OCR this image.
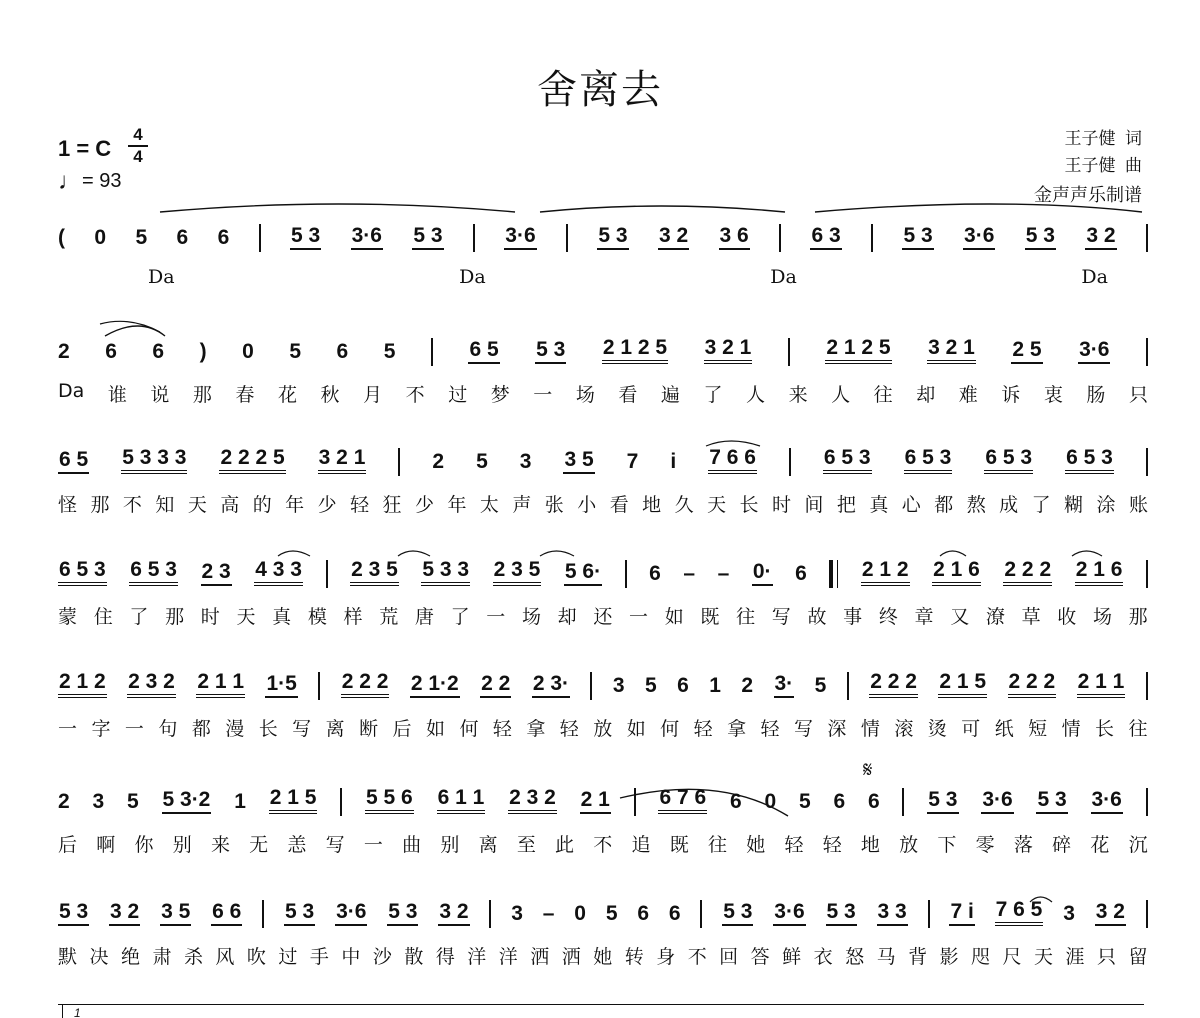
舍离去
王子健  词
王子健  曲
金声声乐制谱
1 = C
4
4
♩= 93
𝄋
( 0 5 6 6	5 3 3·6 5 3	3·6	5 3 3 2 3 6	6 3	5 3 3·6 5 3 3 2
Da	Da	Da	Da
2 6 6 ) 0 5 6 5	6 5 5 3 2 1 2 5 3 2 1	2 1 2 5 3 2 1 2 5 3·6
Da 谁 说 那 春 花 秋 月 不 过 梦 一 场 看 遍 了 人 来 人 往 却 难 诉 衷 肠 只
6 5 5 3 3 3 2 2 2 5 3 2 1	2 5 3 3 5 7 i 7 6 6	6 5 3 6 5 3 6 5 3 6 5 3
怪 那 不 知 天 高 的 年 少 轻 狂 少 年 太 声 张 小 看 地 久 天 长 时 间 把 真 心 都 熬 成 了 糊 涂 账
6 5 3 6 5 3 2 3 4 3 3 2 3 5 5 3 3 2 3 5 5 6· 6 – – 0· 6	2 1 2 2 1 6 2 2 2 2 1 6
蒙 住 了 那 时 天 真 模 样 荒 唐 了 一 场 却 还 一 如 既 往 写 故 事 终 章 又 潦 草 收 场 那
2 1 2 2 3 2 2 1 1 1·5 2 2 2 2 1·2 2 2 2 3· 3 5 6 1 2 3· 5 2 2 2 2 1 5 2 2 2 2 1 1
一 字 一 句 都 漫 长 写 离 断 后 如 何 轻 拿 轻 放 如 何 轻 拿 轻 写 深 情 滚 烫 可 纸 短 情 长 往
2 3 5 5 3·2 1 2 1 5 5 5 6 6 1 1 2 3 2 2 1 6 7 6 6 0 5 6 6 5 3 3·6 5 3 3·6
后 啊 你 别 来 无 恙 写 一 曲 别 离 至 此 不 追 既 往 她 轻 轻 地 放 下 零 落 碎 花 沉
5 3 3 2 3 5 6 6 5 3 3·6 5 3 3 2 3 – 0 5 6 6 5 3 3·6 5 3 3 3 7 i 7 6 5 3 3 2
默 决 绝 肃 杀 风 吹 过 手 中 沙 散 得 洋 洋 洒 洒 她 转 身 不 回 答 鲜 衣 怒 马 背 影 咫 尺 天 涯 只 留
1
